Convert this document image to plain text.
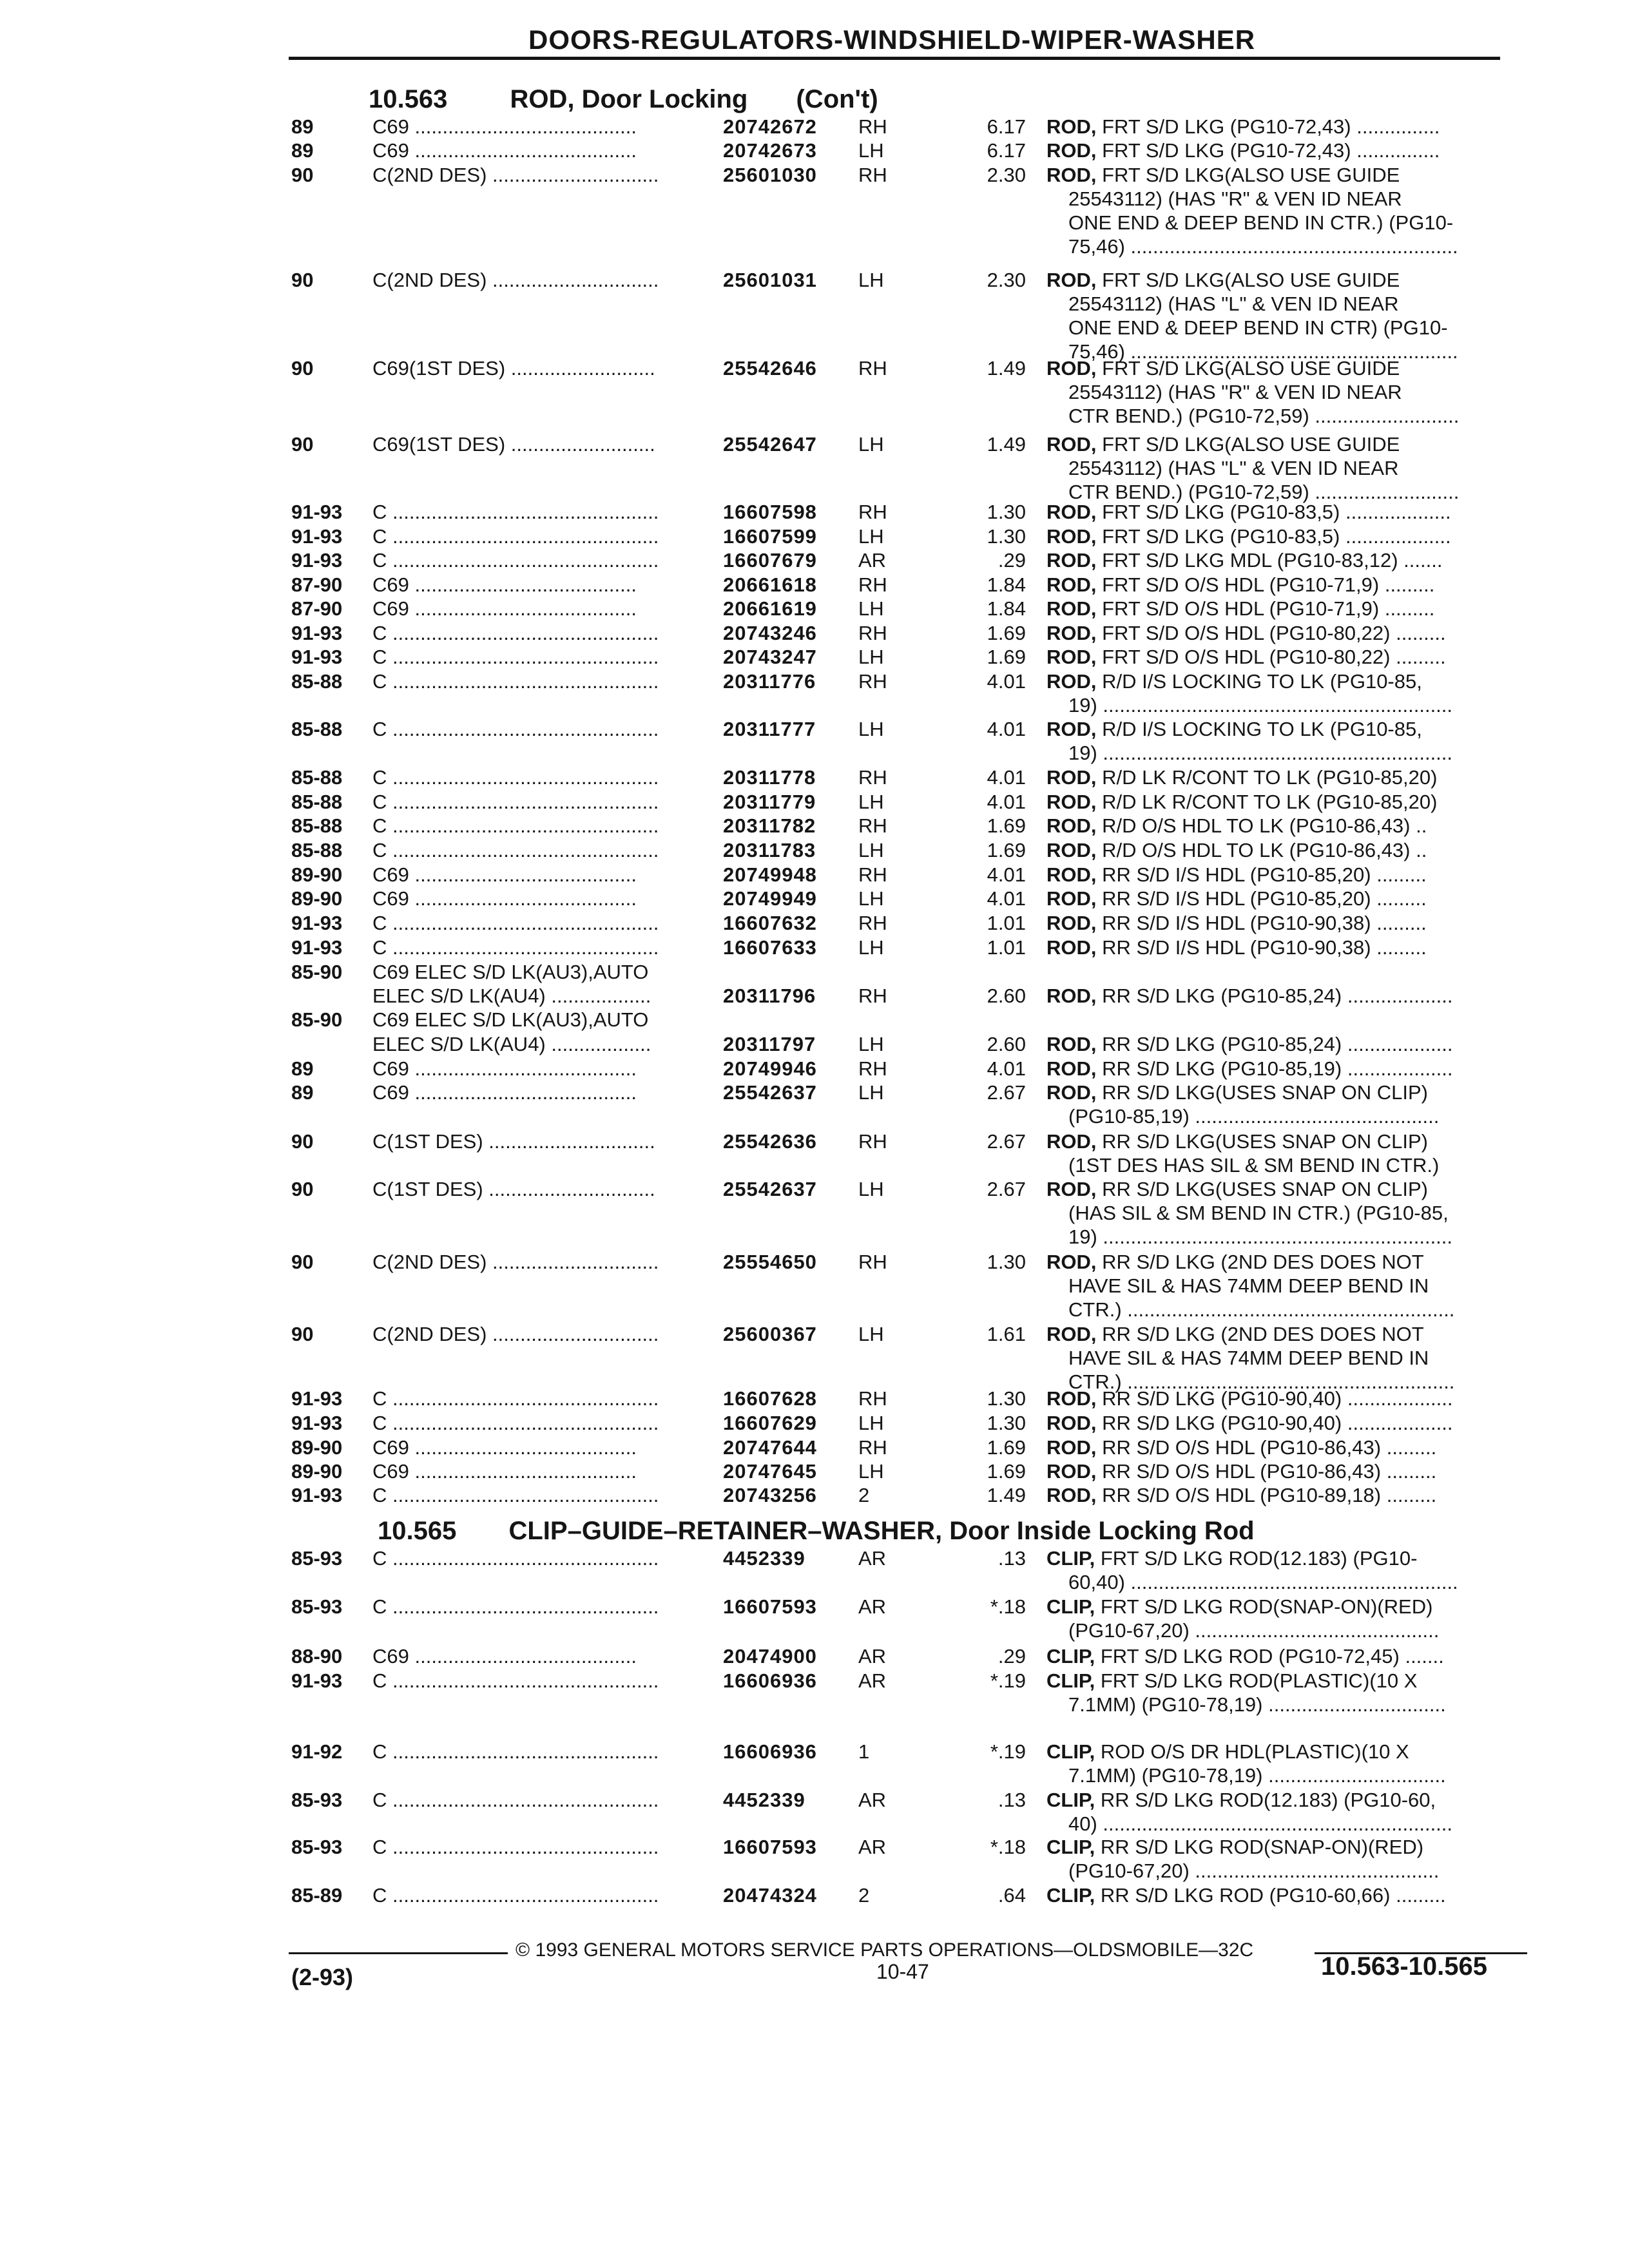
DOORS-REGULATORS-WINDSHIELD-WIPER-WASHER
10.563 ROD, Door Locking (Con't)
10.565 CLIP–GUIDE–RETAINER–WASHER, Door Inside Locking Rod
89	C69 ........................................	20742672 RH	6.17 ROD, FRT S/D LKG (PG10-72,43) ...............
89	C69 ........................................	20742673 LH	6.17 ROD, FRT S/D LKG (PG10-72,43) ...............
90	C(2ND DES) ..............................	25601030 RH	2.30 ROD, FRT S/D LKG(ALSO USE GUIDE
25543112) (HAS "R" & VEN ID NEAR
ONE END & DEEP BEND IN CTR.) (PG10-
75,46) ...........................................................
90	C(2ND DES) ..............................	25601031 LH	2.30 ROD, FRT S/D LKG(ALSO USE GUIDE
25543112) (HAS "L" & VEN ID NEAR
ONE END & DEEP BEND IN CTR) (PG10-
75,46) ...........................................................
90	C69(1ST DES) ..........................	25542646 RH	1.49 ROD, FRT S/D LKG(ALSO USE GUIDE
25543112) (HAS "R" & VEN ID NEAR
CTR BEND.) (PG10-72,59) ..........................
90	C69(1ST DES) ..........................	25542647 LH	1.49 ROD, FRT S/D LKG(ALSO USE GUIDE
25543112) (HAS "L" & VEN ID NEAR
CTR BEND.) (PG10-72,59) ..........................
91-93 C ................................................	16607598 RH	1.30 ROD, FRT S/D LKG (PG10-83,5) ...................
91-93 C ................................................	16607599 LH	1.30 ROD, FRT S/D LKG (PG10-83,5) ...................
91-93 C ................................................	16607679 AR	.29 ROD, FRT S/D LKG MDL (PG10-83,12) .......
87-90 C69 ........................................	20661618 RH	1.84 ROD, FRT S/D O/S HDL (PG10-71,9) .........
87-90 C69 ........................................	20661619 LH	1.84 ROD, FRT S/D O/S HDL (PG10-71,9) .........
91-93 C ................................................	20743246 RH	1.69 ROD, FRT S/D O/S HDL (PG10-80,22) .........
91-93 C ................................................	20743247 LH	1.69 ROD, FRT S/D O/S HDL (PG10-80,22) .........
85-88 C ................................................	20311776 RH	4.01 ROD, R/D I/S LOCKING TO LK (PG10-85,
19) ...............................................................
85-88 C ................................................	20311777 LH	4.01 ROD, R/D I/S LOCKING TO LK (PG10-85,
19) ...............................................................
85-88 C ................................................	20311778 RH	4.01 ROD, R/D LK R/CONT TO LK (PG10-85,20)
85-88 C ................................................	20311779 LH	4.01 ROD, R/D LK R/CONT TO LK (PG10-85,20)
85-88 C ................................................	20311782 RH	1.69 ROD, R/D O/S HDL TO LK (PG10-86,43) ..
85-88 C ................................................	20311783 LH	1.69 ROD, R/D O/S HDL TO LK (PG10-86,43) ..
89-90 C69 ........................................	20749948 RH	4.01 ROD, RR S/D I/S HDL (PG10-85,20) .........
89-90 C69 ........................................	20749949 LH	4.01 ROD, RR S/D I/S HDL (PG10-85,20) .........
91-93 C ................................................	16607632 RH	1.01 ROD, RR S/D I/S HDL (PG10-90,38) .........
91-93 C ................................................	16607633 LH	1.01 ROD, RR S/D I/S HDL (PG10-90,38) .........
85-90 C69 ELEC S/D LK(AU3),AUTO
ELEC S/D LK(AU4) ..................	20311796 RH	2.60 ROD, RR S/D LKG (PG10-85,24) ...................
85-90 C69 ELEC S/D LK(AU3),AUTO
ELEC S/D LK(AU4) ..................	20311797 LH	2.60 ROD, RR S/D LKG (PG10-85,24) ...................
89	C69 ........................................	20749946 RH	4.01 ROD, RR S/D LKG (PG10-85,19) ...................
89	C69 ........................................	25542637 LH	2.67 ROD, RR S/D LKG(USES SNAP ON CLIP)
(PG10-85,19) ............................................
90	C(1ST DES) ..............................	25542636 RH	2.67 ROD, RR S/D LKG(USES SNAP ON CLIP)
(1ST DES HAS SIL & SM BEND IN CTR.)
90	C(1ST DES) ..............................	25542637 LH	2.67 ROD, RR S/D LKG(USES SNAP ON CLIP)
(HAS SIL & SM BEND IN CTR.) (PG10-85,
19) ...............................................................
90	C(2ND DES) ..............................	25554650 RH	1.30 ROD, RR S/D LKG (2ND DES DOES NOT
HAVE SIL & HAS 74MM DEEP BEND IN
CTR.) ...........................................................
90	C(2ND DES) ..............................	25600367 LH	1.61 ROD, RR S/D LKG (2ND DES DOES NOT
HAVE SIL & HAS 74MM DEEP BEND IN
CTR.) ...........................................................
91-93 C ................................................	16607628 RH	1.30 ROD, RR S/D LKG (PG10-90,40) ...................
91-93 C ................................................	16607629 LH	1.30 ROD, RR S/D LKG (PG10-90,40) ...................
89-90 C69 ........................................	20747644 RH	1.69 ROD, RR S/D O/S HDL (PG10-86,43) .........
89-90 C69 ........................................	20747645 LH	1.69 ROD, RR S/D O/S HDL (PG10-86,43) .........
91-93 C ................................................	20743256 2	1.49 ROD, RR S/D O/S HDL (PG10-89,18) .........
85-93 C ................................................	4452339	AR	.13 CLIP, FRT S/D LKG ROD(12.183) (PG10-
60,40) ...........................................................
85-93 C ................................................	16607593 AR	*.18 CLIP, FRT S/D LKG ROD(SNAP-ON)(RED)
(PG10-67,20) ............................................
88-90 C69 ........................................	20474900 AR	.29 CLIP, FRT S/D LKG ROD (PG10-72,45) .......
91-93 C ................................................	16606936 AR	*.19 CLIP, FRT S/D LKG ROD(PLASTIC)(10 X
7.1MM) (PG10-78,19) ................................
91-92 C ................................................	16606936 1	*.19 CLIP, ROD O/S DR HDL(PLASTIC)(10 X
7.1MM) (PG10-78,19) ................................
85-93 C ................................................	4452339	AR	.13 CLIP, RR S/D LKG ROD(12.183) (PG10-60,
40) ...............................................................
85-93 C ................................................	16607593 AR	*.18 CLIP, RR S/D LKG ROD(SNAP-ON)(RED)
(PG10-67,20) ............................................
85-89 C ................................................	20474324 2	.64 CLIP, RR S/D LKG ROD (PG10-60,66) .........
© 1993 GENERAL MOTORS SERVICE PARTS OPERATIONS—OLDSMOBILE—32C
(2-93)	10-47	10.563-10.565
